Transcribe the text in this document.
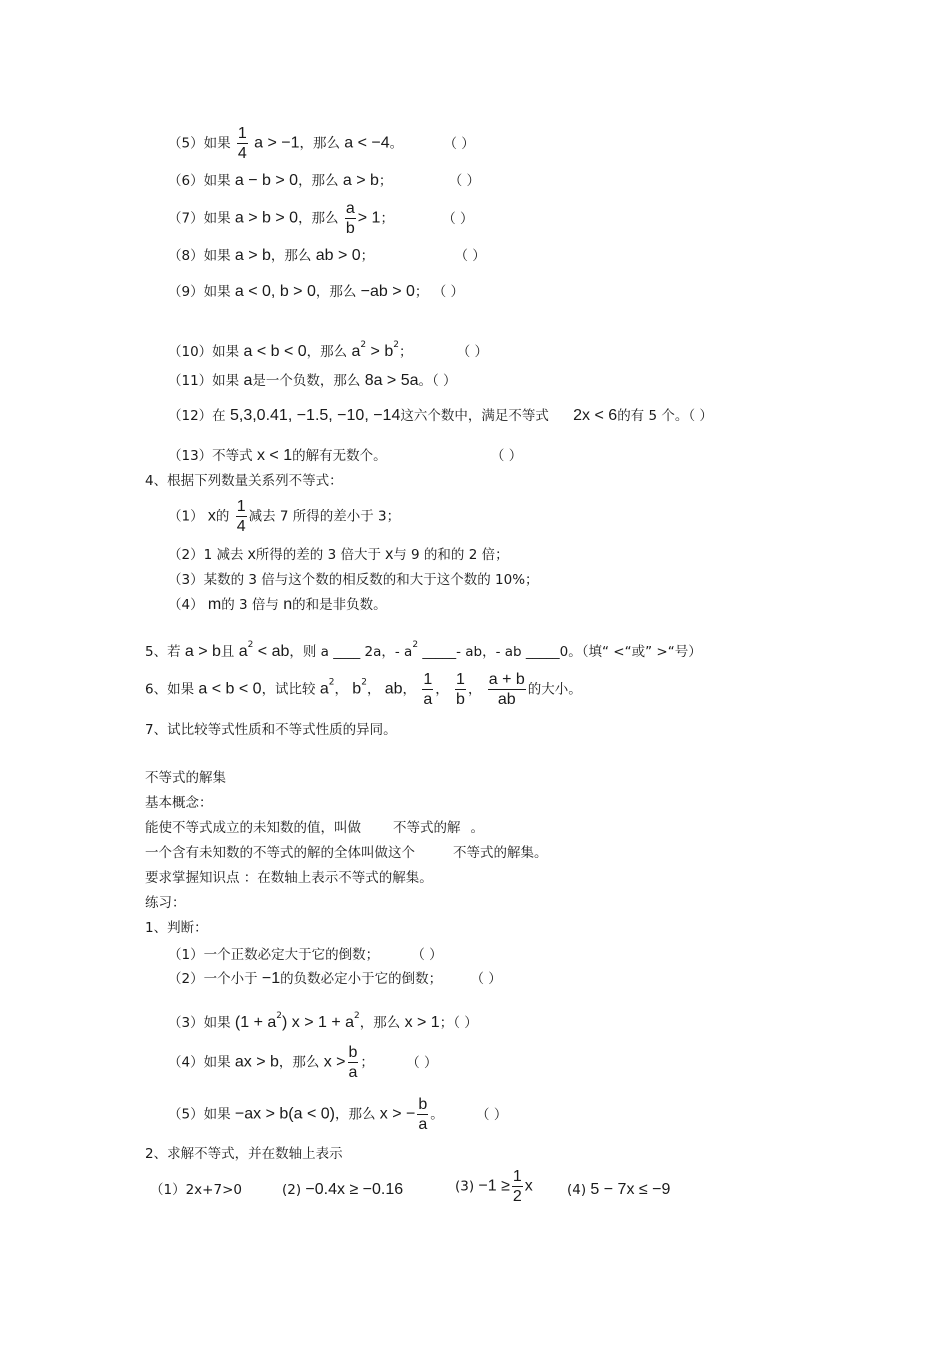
（5）如果 $\frac{1}{4}$ a > −1，那么 a < −4。	（ ）
（6）如果 a − b > 0，那么 a > b；	（ ）
（7）如果 a > b > 0，那么 $\frac{a}{b} > 1$；	（ ）
（8）如果 a > b，那么 ab > 0；	（ ）
（9）如果 a < 0, b > 0，那么 −ab > 0； （ ）
（10）如果 a < b < 0，那么 $a^2 > b^2$；	（ ）
（11）如果 a是一个负数，那么 8a > 5a。（ ）
（12）在 5,3,0.41, −1.5, −10, −14这六个数中，满足不等式 2x < 6的有 5 个。（ ）
（13）不等式 x < 1的解有无数个。	（ ）
4、根据下列数量关系列不等式：
（1） x的 $\frac{1}{4}$ 减去 7 所得的差小于 3；
（2）1 减去 x所得的差的 3 倍大于 x与 9 的和的 2 倍；
（3）某数的 3 倍与这个数的相反数的和大于这个数的 10%；
（4） m的 3 倍与 n的和是非负数。
5、若 a > b且 $a^2$ < ab，则 a ____ 2a，- $a^2$ _____- ab，- ab _____0。（填“ <“或” >“号）
6、如果 a < b < 0，试比较 $a^2$， $b^2$， ab， $\frac{1}{a}$ ， $\frac{1}{b}$ ， $\frac{a + b}{ab}$ 的大小。
7、试比较等式性质和不等式性质的异同。
不等式的解集
基本概念：
能使不等式成立的未知数的值，叫做 不等式的解 。
一个含有未知数的不等式的解的全体叫做这个	不等式的解集。
要求掌握知识点 ：在数轴上表示不等式的解集。
练习：
1、判断：
（1）一个正数必定大于它的倒数； （ ）
（2）一个小于 −1的负数必定小于它的倒数； （ ）
（3）如果 $(1 + a^2)$ $x > 1 + a^2$，那么 x > 1；（ ）
（4）如果 ax > b，那么 $x > \frac{b}{a}$ ； （ ）
（5）如果 −ax > b(a < 0)，那么 x > − $\frac{b}{a}$ 。 （ ）
2、求解不等式，并在数轴上表示
（1）2x+7>0	(2) −0.4x ≥ −0.16	$(3) -1 \ge \frac{1}{2}$ x	(4) 5 − 7x ≤ −9
